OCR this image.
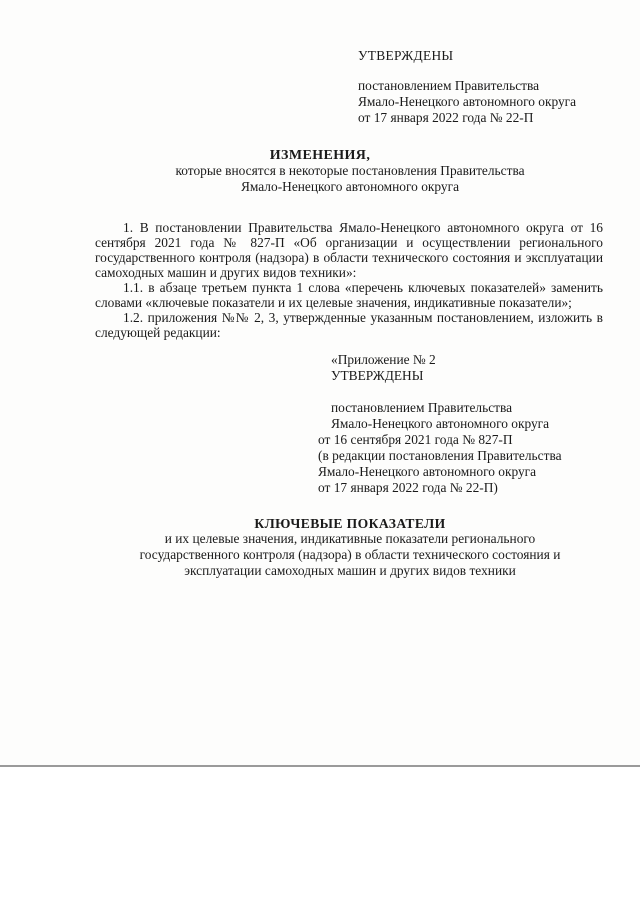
УТВЕРЖДЕНЫ
постановлением Правительства
Ямало-Ненецкого автономного округа
от 17 января 2022 года № 22-П
ИЗМЕНЕНИЯ,
которые вносятся в некоторые постановления Правительства
Ямало-Ненецкого автономного округа

1. В постановлении Правительства Ямало-Ненецкого автономного округа от 16 сентября 2021 года № 827-П «Об организации и осуществлении регионального государственного контроля (надзора) в области технического состояния и эксплуатации самоходных машин и других видов техники»:

1.1. в абзаце третьем пункта 1 слова «перечень ключевых показателей» заменить словами «ключевые показатели и их целевые значения, индикативные показатели»;

1.2. приложения №№ 2, 3, утвержденные указанным постановлением, изложить в следующей редакции:

«Приложение № 2
УТВЕРЖДЕНЫ
постановлением Правительства
Ямало-Ненецкого автономного округа
от 16 сентября 2021 года № 827-П
(в редакции постановления Правительства
Ямало-Ненецкого автономного округа
от 17 января 2022 года № 22-П)
КЛЮЧЕВЫЕ ПОКАЗАТЕЛИ
и их целевые значения, индикативные показатели регионального
государственного контроля (надзора) в области технического состояния и
эксплуатации самоходных машин и других видов техники
